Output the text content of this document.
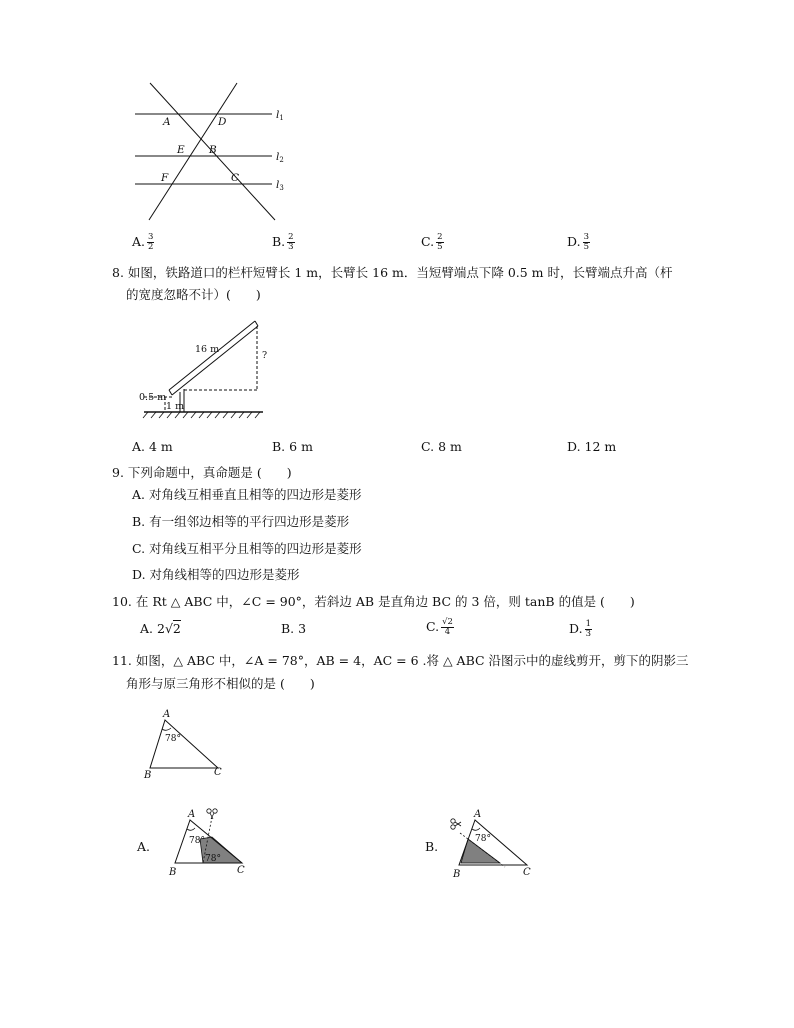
A	D
E B
F	C
l1
l2
l3
A. $\frac{3}{2}$	B. $\frac{2}{3}$	C. $\frac{2}{5}$	D. $\frac{3}{5}$
8. 如图，铁路道口的栏杆短臂长 1 m，长臂长 16 m．当短臂端点下降 0.5 m 时，长臂端点升高（杆
的宽度忽略不计）(　　)
16 m
0.5 m
1 m
?
A. 4 m	B. 6 m	C. 8 m	D. 12 m
9. 下列命题中，真命题是 (　　)
A. 对角线互相垂直且相等的四边形是菱形
B. 有一组邻边相等的平行四边形是菱形
C. 对角线互相平分且相等的四边形是菱形
D. 对角线相等的四边形是菱形
10. 在 Rt △ ABC 中，∠C = 90°，若斜边 AB 是直角边 BC 的 3 倍，则 tanB 的值是 (　　)
A. 2√2	B. 3	C. $\frac{√2}{4}$	D. $\frac{1}{3}$
11. 如图，△ ABC 中，∠A = 78°，AB = 4，AC = 6 .将 △ ABC 沿图示中的虚线剪开，剪下的阴影三
角形与原三角形不相似的是 (　　)
A
B	C
78°
A.
A
B	C
78°
78°
B.
A
B	C
78°
